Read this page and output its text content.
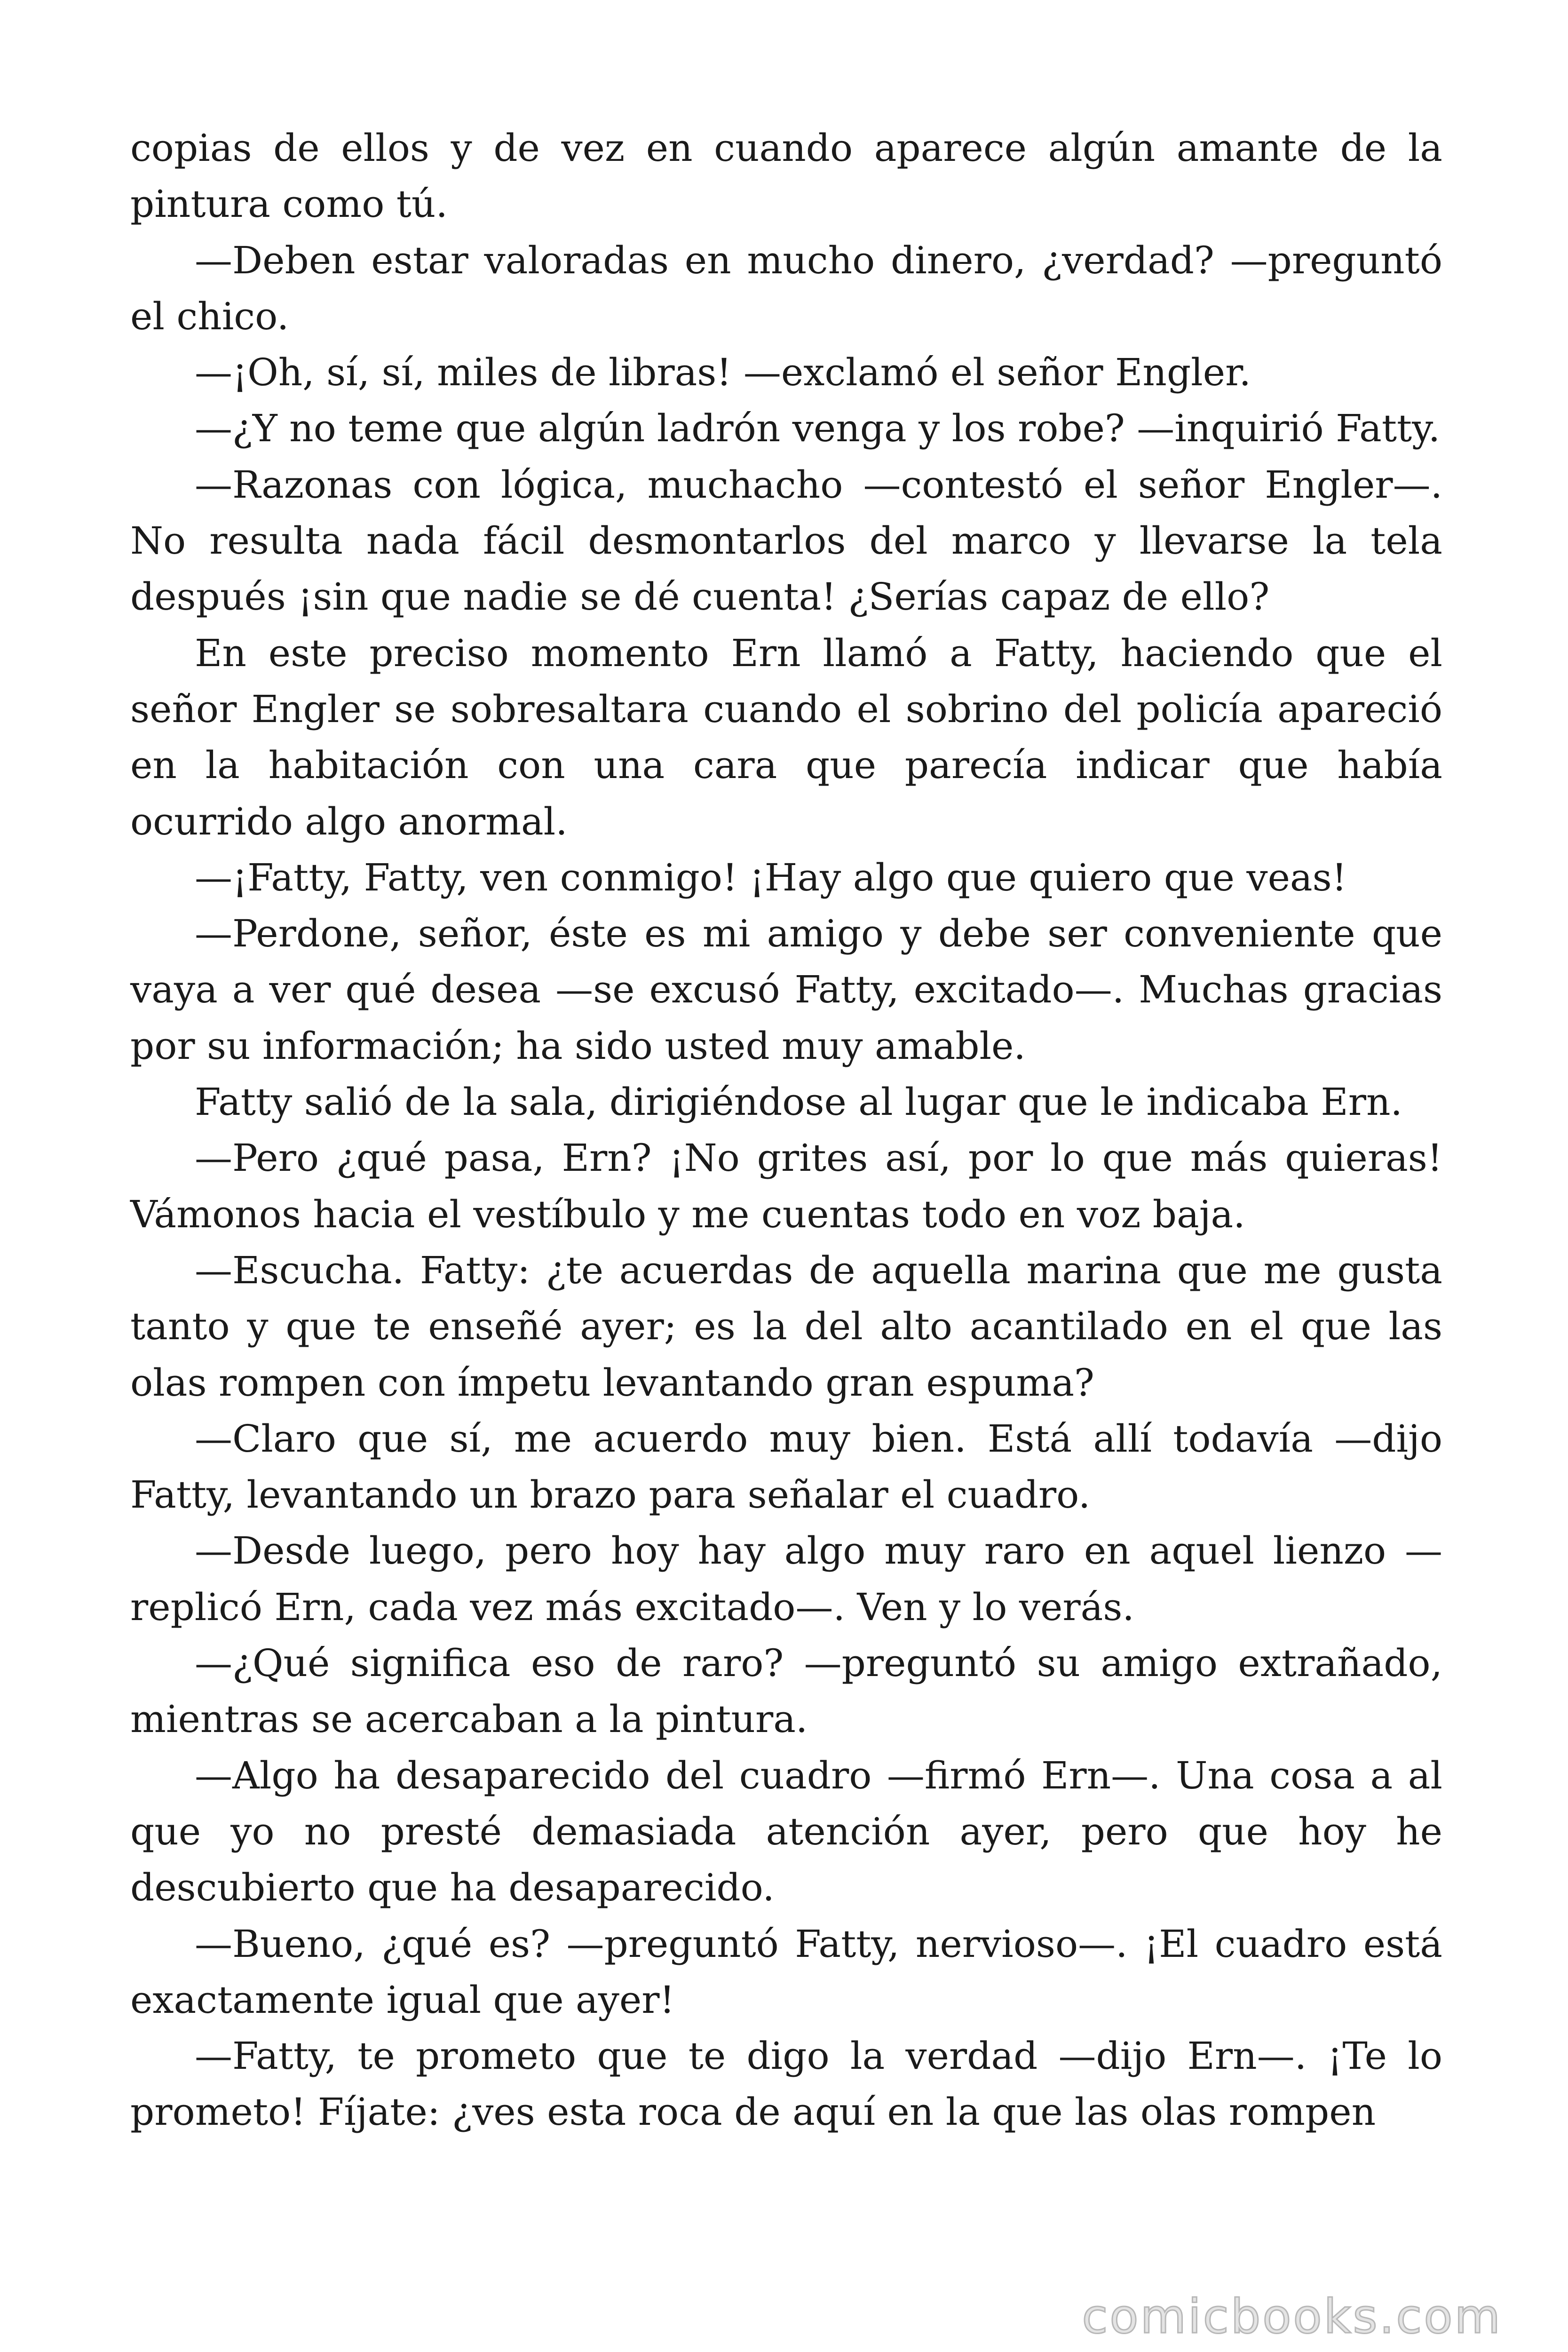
copias de ellos y de vez en cuando aparece algún amante de la pintura como tú.

—Deben estar valoradas en mucho dinero, ¿verdad? —preguntó el chico.

—¡Oh, sí, sí, miles de libras! —exclamó el señor Engler.

—¿Y no teme que algún ladrón venga y los robe? —inquirió Fatty.

—Razonas con lógica, muchacho —contestó el señor Engler—. No resulta nada fácil desmontarlos del marco y llevarse la tela después ¡sin que nadie se dé cuenta! ¿Serías capaz de ello?

En este preciso momento Ern llamó a Fatty, haciendo que el señor Engler se sobresaltara cuando el sobrino del policía apareció en la habitación con una cara que parecía indicar que había ocurrido algo anormal.

—¡Fatty, Fatty, ven conmigo! ¡Hay algo que quiero que veas!

—Perdone, señor, éste es mi amigo y debe ser conveniente que vaya a ver qué desea —se excusó Fatty, excitado—. Muchas gracias por su información; ha sido usted muy amable.

Fatty salió de la sala, dirigiéndose al lugar que le indicaba Ern.

—Pero ¿qué pasa, Ern? ¡No grites así, por lo que más quieras! Vámonos hacia el vestíbulo y me cuentas todo en voz baja.

—Escucha. Fatty: ¿te acuerdas de aquella marina que me gusta tanto y que te enseñé ayer; es la del alto acantilado en el que las olas rompen con ímpetu levantando gran espuma?

—Claro que sí, me acuerdo muy bien. Está allí todavía —dijo Fatty, levantando un brazo para señalar el cuadro.

—Desde luego, pero hoy hay algo muy raro en aquel lienzo — replicó Ern, cada vez más excitado—. Ven y lo verás.

—¿Qué significa eso de raro? —preguntó su amigo extrañado, mientras se acercaban a la pintura.

—Algo ha desaparecido del cuadro —firmó Ern—. Una cosa a al que yo no presté demasiada atención ayer, pero que hoy he descubierto que ha desaparecido.

—Bueno, ¿qué es? —preguntó Fatty, nervioso—. ¡El cuadro está exactamente igual que ayer!

—Fatty, te prometo que te digo la verdad —dijo Ern—. ¡Te lo prometo! Fíjate: ¿ves esta roca de aquí en la que las olas rompen

comicbooks.com
